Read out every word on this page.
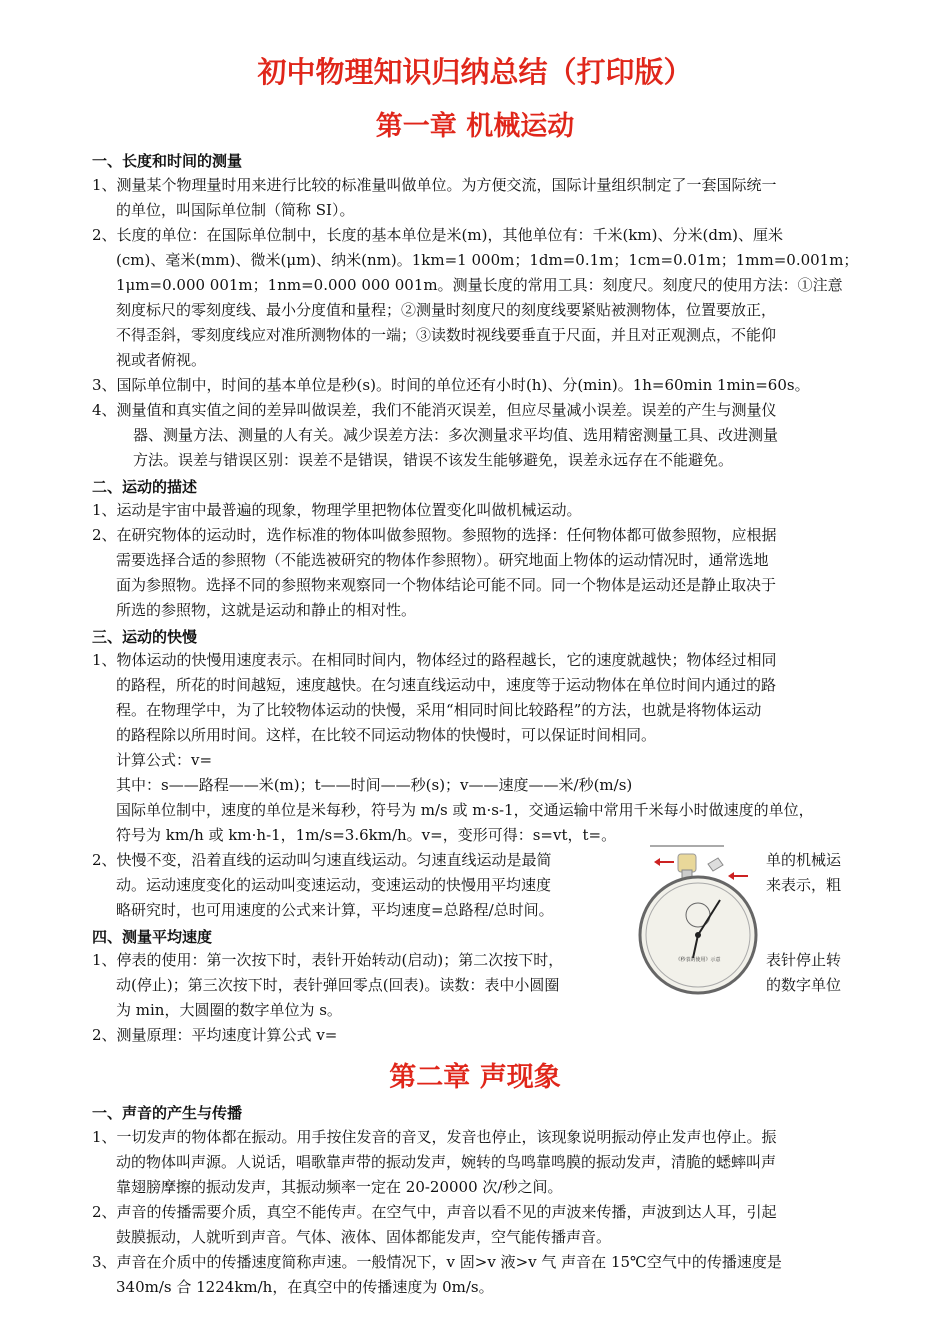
初中物理知识归纳总结（打印版）
第一章 机械运动
一、长度和时间的测量
1、测量某个物理量时用来进行比较的标准量叫做单位。为方便交流，国际计量组织制定了一套国际统一
的单位，叫国际单位制（简称 SI）。
2、长度的单位：在国际单位制中，长度的基本单位是米(m)，其他单位有：千米(km)、分米(dm)、厘米
(cm)、毫米(mm)、微米(μm)、纳米(nm)。1km=1 000m；1dm=0.1m；1cm=0.01m；1mm=0.001m；
1μm=0.000 001m；1nm=0.000 000 001m。测量长度的常用工具：刻度尺。刻度尺的使用方法：①注意
刻度标尺的零刻度线、最小分度值和量程；②测量时刻度尺的刻度线要紧贴被测物体，位置要放正，
不得歪斜，零刻度线应对准所测物体的一端；③读数时视线要垂直于尺面，并且对正观测点，不能仰
视或者俯视。
3、国际单位制中，时间的基本单位是秒(s)。时间的单位还有小时(h)、分(min)。1h=60min 1min=60s。
4、测量值和真实值之间的差异叫做误差，我们不能消灭误差，但应尽量减小误差。误差的产生与测量仪
器、测量方法、测量的人有关。减少误差方法：多次测量求平均值、选用精密测量工具、改进测量
方法。误差与错误区别：误差不是错误，错误不该发生能够避免，误差永远存在不能避免。
二、运动的描述
1、运动是宇宙中最普遍的现象，物理学里把物体位置变化叫做机械运动。
2、在研究物体的运动时，选作标准的物体叫做参照物。参照物的选择：任何物体都可做参照物，应根据
需要选择合适的参照物（不能选被研究的物体作参照物）。研究地面上物体的运动情况时，通常选地
面为参照物。选择不同的参照物来观察同一个物体结论可能不同。同一个物体是运动还是静止取决于
所选的参照物，这就是运动和静止的相对性。
三、运动的快慢
1、物体运动的快慢用速度表示。在相同时间内，物体经过的路程越长，它的速度就越快；物体经过相同
的路程，所花的时间越短，速度越快。在匀速直线运动中，速度等于运动物体在单位时间内通过的路
程。在物理学中，为了比较物体运动的快慢，采用“相同时间比较路程”的方法，也就是将物体运动
的路程除以所用时间。这样，在比较不同运动物体的快慢时，可以保证时间相同。
计算公式：v=
其中：s——路程——米(m)；t——时间——秒(s)；v——速度——米/秒(m/s)
国际单位制中，速度的单位是米每秒，符号为 m/s 或 m·s-1，交通运输中常用千米每小时做速度的单位，
符号为 km/h 或 km·h-1，1m/s=3.6km/h。v=，变形可得：s=vt，t=。
2、快慢不变，沿着直线的运动叫匀速直线运动。匀速直线运动是最简	单的机械运
动。运动速度变化的运动叫变速运动，变速运动的快慢用平均速度	来表示，粗
略研究时，也可用速度的公式来计算，平均速度=总路程/总时间。
四、测量平均速度
1、停表的使用：第一次按下时，表针开始转动(启动)；第二次按下时，	表针停止转
动(停止)；第三次按下时，表针弹回零点(回表)。读数：表中小圆圈	的数字单位
为 min，大圆圈的数字单位为 s。
2、测量原理：平均速度计算公式 v=
《秒表的使用》示意
第二章 声现象
一、声音的产生与传播
1、一切发声的物体都在振动。用手按住发音的音叉，发音也停止，该现象说明振动停止发声也停止。振
动的物体叫声源。人说话，唱歌靠声带的振动发声，婉转的鸟鸣靠鸣膜的振动发声，清脆的蟋蟀叫声
靠翅膀摩擦的振动发声，其振动频率一定在 20-20000 次/秒之间。
2、声音的传播需要介质，真空不能传声。在空气中，声音以看不见的声波来传播，声波到达人耳，引起
鼓膜振动，人就听到声音。气体、液体、固体都能发声，空气能传播声音。
3、声音在介质中的传播速度简称声速。一般情况下，v 固>v 液>v 气 声音在 15℃空气中的传播速度是
340m/s 合 1224km/h，在真空中的传播速度为 0m/s。
